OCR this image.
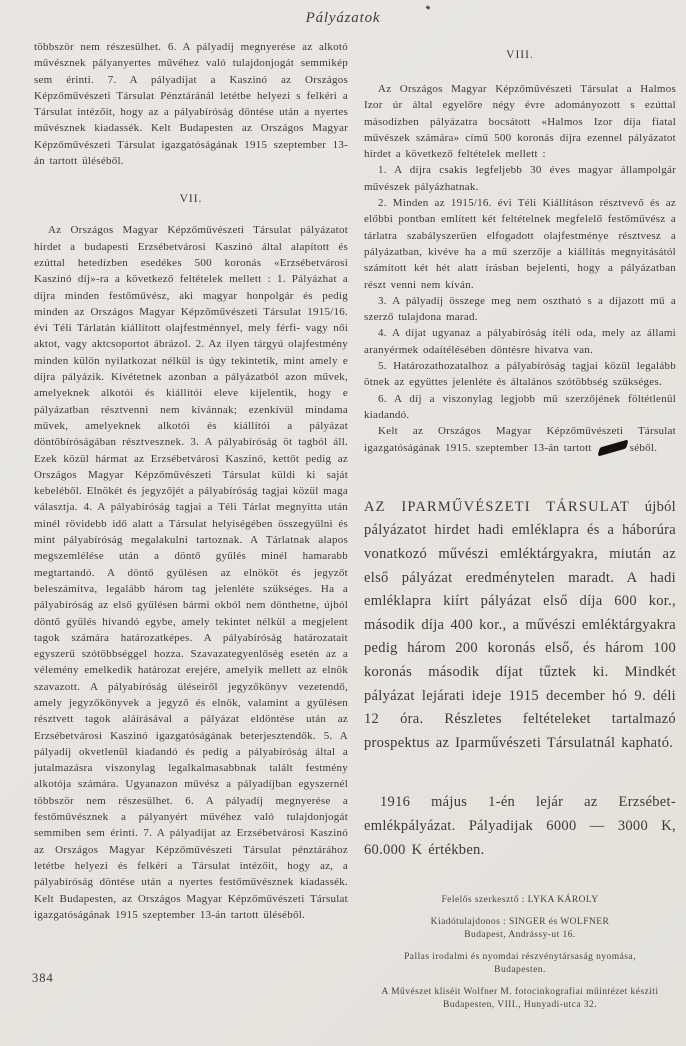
Pályázatok

többször nem részesülhet. 6. A pályadíj megnyerése az alkotó művésznek pályanyertes művéhez való tulajdonjogát semmikép sem érinti. 7. A pályadíjat a Kaszinó az Országos Képzőművészeti Társulat Pénztáránál letétbe helyezi s felkéri a Társulat intézőit, hogy az a pályabíróság döntése után a nyertes művésznek kiadassék. Kelt Budapesten az Országos Magyar Képzőművészeti Társulat igazgatóságának 1915 szeptember 13-án tartott üléséből.

VII.

Az Országos Magyar Képzőművészeti Társulat pályázatot hirdet a budapesti Erzsébetvárosi Kaszinó által alapított és ezúttal hetedízben esedékes 500 koronás «Erzsébetvárosi Kaszinó díj»-ra a következő feltételek mellett : 1. Pályázhat a díjra minden festőművész, aki magyar honpolgár és pedig minden az Országos Magyar Képzőművészeti Társulat 1915/16. évi Téli Tárlatán kiállított olajfestménnyel, mely férfi- vagy női aktot, vagy aktcsoportot ábrázol. 2. Az ilyen tárgyú olajfestmény minden külön nyilatkozat nélkül is úgy tekintetik, mint amely e díjra pályázik. Kivétetnek azonban a pályázatból azon művek, amelyeknek alkotói és kiállítói eleve kijelentik, hogy e pályázatban résztvenni nem kívánnak; ezenkívül mindama művek, amelyeknek alkotói és kiállítói a pályázat döntőbíróságában résztvesznek. 3. A pályabíróság öt tagból áll. Ezek közül hármat az Erzsébetvárosi Kaszinó, kettőt pedig az Országos Magyar Képzőművészeti Társulat küldi ki saját kebeléből. Elnökét és jegyzőjét a pályabíróság tagjai közül maga választja. 4. A pályabíróság tagjai a Téli Tárlat megnyitta után minél rövidebb idő alatt a Társulat helyiségében összegyűlni és mint pályabíróság megalakulni tartoznak. A Tárlatnak alapos megszemlélése után a döntő gyűlés minél hamarabb megtartandó. A döntő gyűlésen az elnököt és jegyzőt beleszámítva, legalább három tag jelenléte szükséges. Ha a pályabíróság az első gyűlésen bármi okból nem dönthetne, újból döntő gyűlés hívandó egybe, amely tekintet nélkül a megjelent tagok számára határozatképes. A pályabíróság határozatait egyszerű szótöbbséggel hozza. Szavazategyenlőség esetén az a vélemény emelkedik határozat erejére, amelyik mellett az elnök szavazott. A pályabíróság üléseiről jegyzőkönyv vezetendő, amely jegyzőkönyvek a jegyző és elnök, valamint a gyűlésen résztvett tagok aláírásával a pályázat eldöntése után az Erzsébetvárosi Kaszinó igazgatóságának beterjesztendők. 5. A pályadíj okvetlenül kiadandó és pedig a pályabíróság által a jutalmazásra viszonylag legalkalmasabbnak talált festmény alkotója számára. Ugyanazon művész a pályadíjban egyszernél többször nem részesülhet. 6. A pályadíj megnyerése a festőművésznek a pályanyért művéhez való tulajdonjogát semmiben sem érinti. 7. A pályadíjat az Erzsébetvárosi Kaszinó az Országos Magyar Képzőművészeti Társulat pénztárához letétbe helyezi és felkéri a Társulat intézőit, hogy az, a pályabíróság döntése után a nyertes festőművésznek kiadassék. Kelt Budapesten, az Országos Magyar Képzőművészeti Társulat igazgatóságának 1915 szeptember 13-án tartott üléséből.

VIII.

Az Országos Magyar Képzőművészeti Társulat a Halmos Izor úr által egyelőre négy évre adományozott s ezúttal másodízben pályázatra bocsátott «Halmos Izor díja fiatal művészek számára» című 500 koronás díjra ezennel pályázatot hirdet a következő feltételek mellett :

1. A díjra csakis legfeljebb 30 éves magyar állampolgár művészek pályázhatnak.

2. Minden az 1915/16. évi Téli Kiállításon résztvevő és az előbbi pontban említett két feltételnek megfelelő festőművész a tárlatra szabályszerűen elfogadott olajfestménye résztvesz a pályázatban, kivéve ha a mű szerzője a kiállítás megnyitásától számított két hét alatt írásban bejelenti, hogy a pályázatban részt venni nem kíván.

3. A pályadíj összege meg nem osztható s a díjazott mű a szerző tulajdona marad.

4. A díjat ugyanaz a pályabíróság ítéli oda, mely az állami aranyérmek odaítélésében döntésre hivatva van.

5. Határozathozatalhoz a pályabíróság tagjai közül legalább ötnek az együttes jelenléte és általános szótöbbség szükséges.

6. A díj a viszonylag legjobb mű szerzőjének föltétlenül kiadandó.

Kelt az Országos Magyar Képzőművészeti Társulat igazgatóságának 1915. szeptember 13-án tartott	séből.

AZ IPARMŰVÉSZETI TÁRSULAT újból pályázatot hirdet hadi emléklapra és a háborúra vonatkozó művészi emléktárgyakra, miután az első pályázat eredménytelen maradt. A hadi emléklapra kiírt pályázat első díja 600 kor., második díja 400 kor., a művészi emléktárgyakra pedig három 200 koronás első, és három 100 koronás második díjat tűztek ki. Mindkét pályázat lejárati ideje 1915 december hó 9. déli 12 óra. Részletes feltételeket tartalmazó prospektus az Iparművészeti Társulatnál kapható.

1916 május 1-én lejár az Erzsébet-emlékpályázat. Pályadijak 6000 — 3000 K, 60.000 K értékben.

Felelős szerkesztő : LYKA KÁROLY
Kiadótulajdonos : SINGER és WOLFNER
Budapest, Andrássy-ut 16.
Pallas irodalmi és nyomdai részvénytársaság nyomása,
Budapesten.
A Művészet kliséit Wolfner M. fotocinkografiai műintézet készíti
Budapesten, VIII., Hunyadi-utca 32.
384
